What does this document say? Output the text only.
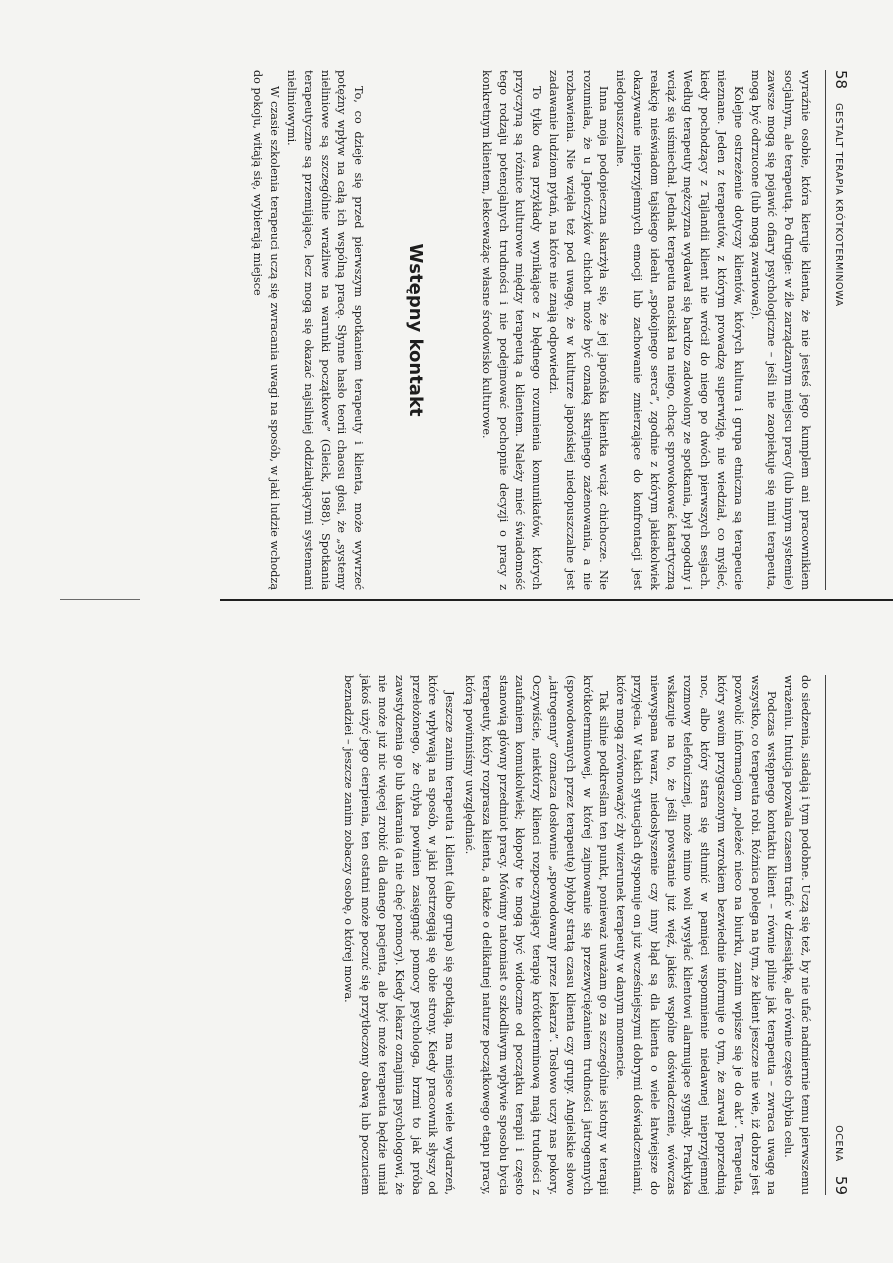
58
GESTALT TERAPIA KRÓTKOTERMINOWA

wyraźnie osobie, która kieruje klienta, że nie jesteś jego kumplem ani pracownikiem socjalnym, ale terapeutą. Po drugie: w źle zarządzanym miejscu pracy (lub innym systemie) zawsze mogą się pojawić ofiary psychologiczne – jeśli nie zaopiekuje się nimi terapeuta, mogą być odrzucone (lub mogą zwariować).

Kolejne ostrzeżenie dotyczy klientów, których kultura i grupa etniczna są terapeucie nieznane. Jeden z terapeutów, z którym prowadzę superwizję, nie wiedział, co myśleć, kiedy pochodzący z Tajlandii klient nie wrócił do niego po dwóch pierwszych sesjach. Według terapeuty mężczyzna wydawał się bardzo zadowolony ze spotkania, był pogodny i wciąż się uśmiechał. Jednak terapeuta naciskał na niego, chcąc sprowokować katartyczną reakcję nieświadom tajskiego ideału „spokojnego serca”, zgodnie z którym jakiekolwiek okazywanie nieprzyjemnych emocji lub zachowanie zmierzające do konfrontacji jest niedopuszczalne.

Inna moja podopieczna skarżyła się, że jej japońska klientka wciąż chichocze. Nie rozumiała, że u Japończyków chichot może być oznaką skrajnego zażenowania, a nie rozbawienia. Nie wzięła też pod uwagę, że w kulturze japońskiej niedopuszczalne jest zadawanie ludziom pytań, na które nie znają odpowiedzi.

To tylko dwa przykłady wynikające z błędnego rozumienia komunikatów, których przyczyną są różnice kulturowe między terapeutą a klientem. Należy mieć świadomość tego rodzaju potencjalnych trudności i nie podejmować pochopnie decyzji o pracy z konkretnym klientem, lekceważąc własne środowisko kulturowe.

Wstępny kontakt

To, co dzieje się przed pierwszym spotkaniem terapeuty i klienta, może wywrzeć potężny wpływ na całą ich wspólną pracę. Słynne hasło teorii chaosu głosi, że „systemy nieliniowe są szczególnie wrażliwe na warunki początkowe” (Gleick, 1988). Spotkania terapeutyczne są przemijające, lecz mogą się okazać najsilniej oddziałującymi systemami nieliniowymi.

W czasie szkolenia terapeuci uczą się zwracania uwagi na sposób, w jaki ludzie wchodzą do pokoju, witają się, wybierają miejsce

OCENA
59

do siedzenia, siadają i tym podobne. Uczą się też, by nie ufać nadmiernie temu pierwszemu wrażeniu. Intuicja pozwala czasem trafić w dziesiątkę, ale równie często chybia celu.

Podczas wstępnego kontaktu klient – równie pilnie jak terapeuta – zwraca uwagę na wszystko, co terapeuta robi. Różnica polega na tym, że klient jeszcze nie wie, iż dobrze jest pozwolić informacjom „poleżeć nieco na biurku, zanim wpisze się je do akt”. Terapeuta, który swoim przygaszonym wzrokiem bezwiednie informuje o tym, że zarwał poprzednią noc, albo który stara się stłumić w pamięci wspomnienie niedawnej nieprzyjemnej rozmowy telefonicznej, może mimo woli wysyłać klientowi alarmujące sygnały. Praktyka wskazuje na to, że jeśli powstanie już więź, jakieś wspólne doświadczenie, wówczas niewyspana twarz, niedosłyszenie czy inny błąd są dla klienta o wiele łatwiejsze do przyjęcia. W takich sytuacjach dysponuje on już wcześniejszymi dobrymi doświadczeniami, które mogą zrównoważyć zły wizerunek terapeuty w danym momencie.

Tak silnie podkreślam ten punkt, ponieważ uważam go za szczególnie istotny w terapii krótkoterminowej, w której zajmowanie się przezwyciężaniem trudności jatrogennych (spowodowanych przez terapeutę) byłoby stratą czasu klienta czy grupy. Angielskie słowo „iatrogenny” oznacza dosłownie „spowodowany przez lekarza”. Tosłowo uczy nas pokory. Oczywiście, niektórzy klienci rozpoczynający terapię krótkoterminową mają trudności z zaufaniem komukolwiek; kłopoty te mogą być widoczne od początku terapii i często stanowią główny przedmiot pracy. Mówimy natomiast o szkodliwym wpływie sposobu bycia terapeuty, który rozprasza klienta, a także o delikatnej naturze początkowego etapu pracy, którą powinniśmy uwzględniać.

Jeszcze zanim terapeuta i klient (albo grupa) się spotkają, ma miejsce wiele wydarzeń, które wpływają na sposób, w jaki postrzegają się obie strony. Kiedy pracownik słyszy od przełożonego, że chyba powinien zasięgnąć pomocy psychologa, brzmi to jak próba zawstydzenia go lub ukarania (a nie chęć pomocy). Kiedy lekarz oznajmia psychologowi, że nie może już nic więcej zrobić dla danego pacjenta, ale być może terapeuta będzie umiał jakoś użyć jego cierpienia, ten ostatni może poczuć się przytłoczony obawą lub poczuciem beznadziei – jeszcze zanim zobaczy osobę, o której mowa.
